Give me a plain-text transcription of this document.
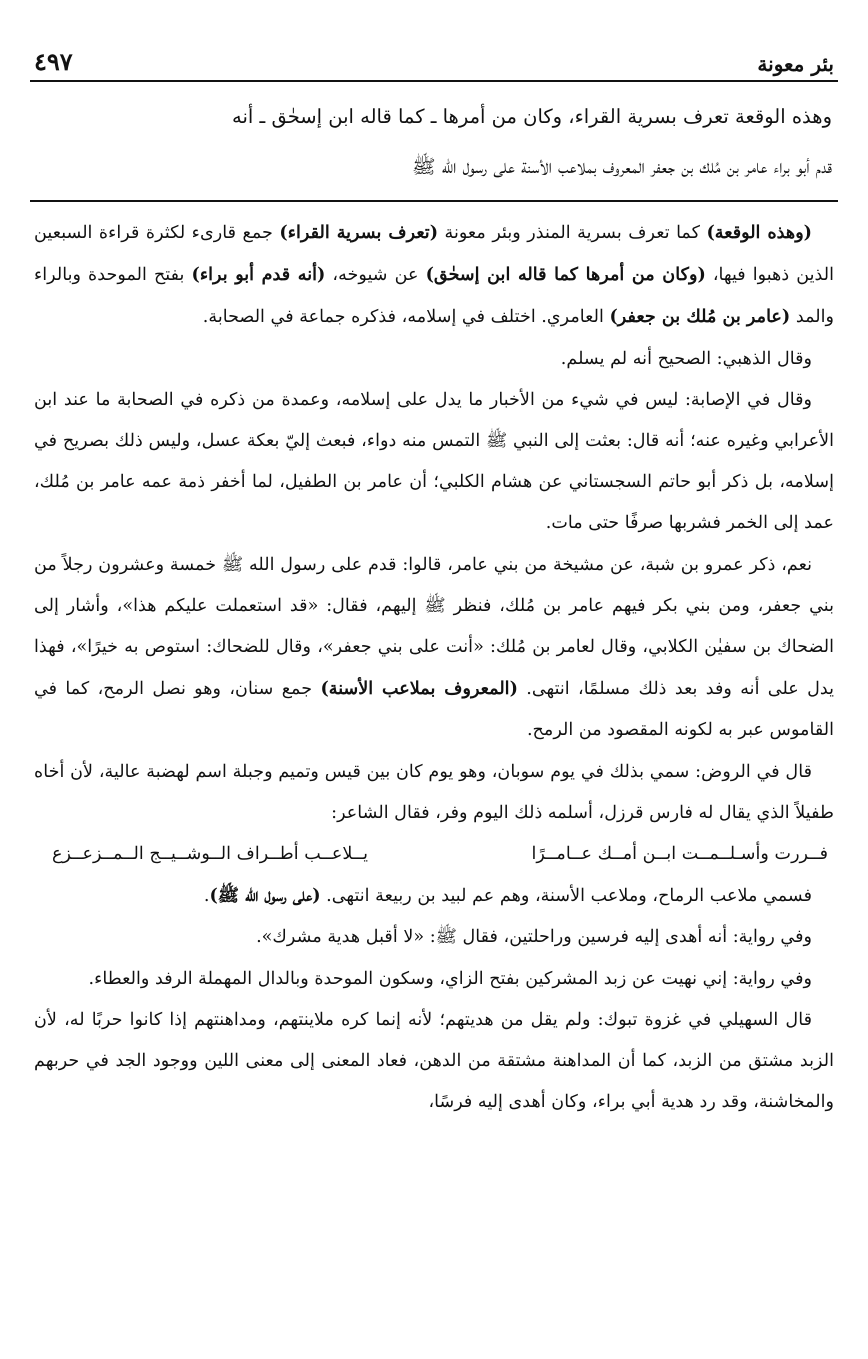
بئر معونة
٤٩٧
وهذه الوقعة تعرف بسرية القراء، وكان من أمرها ـ كما قاله ابن إسحٰق ـ أنه
قدم أبو براء عامر بن مُلك بن جعفر المعروف بملاعب الأسنة على رسول الله ﷺ

(وهذه الوقعة) كما تعرف بسرية المنذر وبئر معونة (تعرف بسرية القراء) جمع قارىء لكثرة قراءة السبعين الذين ذهبوا فيها، (وكان من أمرها كما قاله ابن إسحٰق) عن شيوخه، (أنه قدم أبو براء) بفتح الموحدة وبالراء والمد (عامر بن مُلك بن جعفر) العامري. اختلف في إسلامه، فذكره جماعة في الصحابة.

وقال الذهبي: الصحيح أنه لم يسلم.

وقال في الإصابة: ليس في شيء من الأخبار ما يدل على إسلامه، وعمدة من ذكره في الصحابة ما عند ابن الأعرابي وغيره عنه؛ أنه قال: بعثت إلى النبي ﷺ التمس منه دواء، فبعث إليّ بعكة عسل، وليس ذلك بصريح في إسلامه، بل ذكر أبو حاتم السجستاني عن هشام الكلبي؛ أن عامر بن الطفيل، لما أخفر ذمة عمه عامر بن مُلك، عمد إلى الخمر فشربها صرفًا حتى مات.

نعم، ذكر عمرو بن شبة، عن مشيخة من بني عامر، قالوا: قدم على رسول الله ﷺ خمسة وعشرون رجلاً من بني جعفر، ومن بني بكر فيهم عامر بن مُلك، فنظر ﷺ إليهم، فقال: «قد استعملت عليكم هذا»، وأشار إلى الضحاك بن سفيٰن الكلابي، وقال لعامر بن مُلك: «أنت على بني جعفر»، وقال للضحاك: استوص به خيرًا»، فهذا يدل على أنه وفد بعد ذلك مسلمًا، انتهى. (المعروف بملاعب الأسنة) جمع سنان، وهو نصل الرمح، كما في القاموس عبر به لكونه المقصود من الرمح.

قال في الروض: سمي بذلك في يوم سوبان، وهو يوم كان بين قيس وتميم وجبلة اسم لهضبة عالية، لأن أخاه طفيلاً الذي يقال له فارس قرزل، أسلمه ذلك اليوم وفر، فقال الشاعر:

فــررت وأسـلــمــت ابــن أمــك عــامــرًا
يــلاعــب أطــراف الــوشــيــج الــمــزعــزع

فسمي ملاعب الرماح، وملاعب الأسنة، وهم عم لبيد بن ربيعة انتهى. (على رسول الله ﷺ).

وفي رواية: أنه أهدى إليه فرسين وراحلتين، فقال ﷺ: «لا أقبل هدية مشرك».

وفي رواية: إني نهيت عن زبد المشركين بفتح الزاي، وسكون الموحدة وبالدال المهملة الرفد والعطاء.

قال السهيلي في غزوة تبوك: ولم يقل من هديتهم؛ لأنه إنما كره ملاينتهم، ومداهنتهم إذا كانوا حربًا له، لأن الزبد مشتق من الزبد، كما أن المداهنة مشتقة من الدهن، فعاد المعنى إلى معنى اللين ووجود الجد في حربهم والمخاشنة، وقد رد هدية أبي براء، وكان أهدى إليه فرسًا،
